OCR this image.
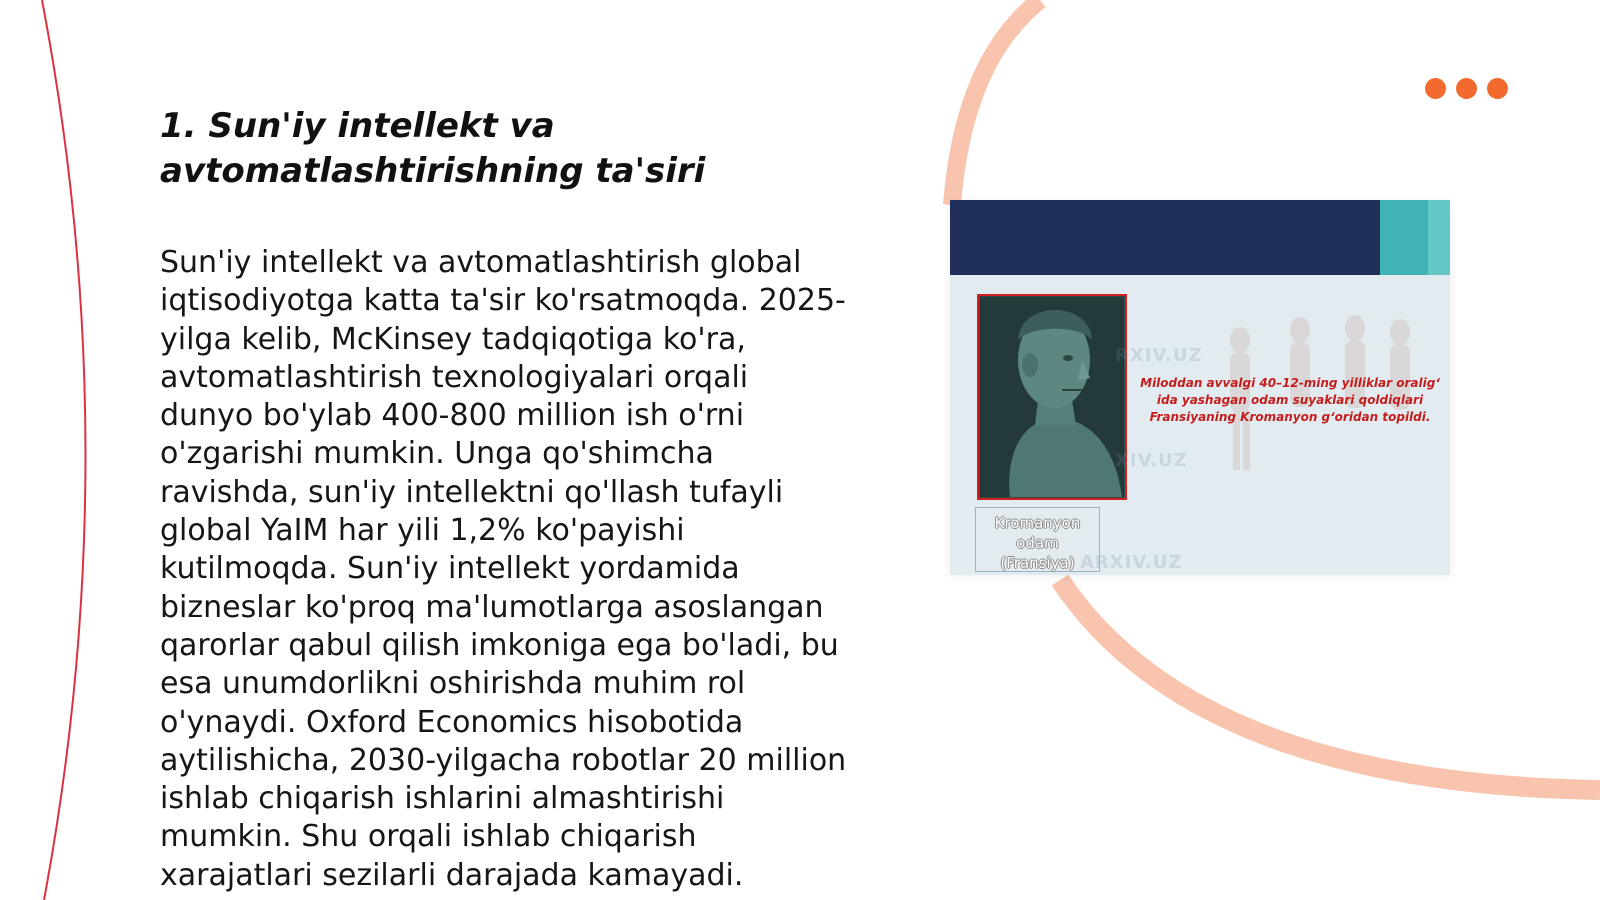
1. Sun'iy intellekt va
avtomatlashtirishning ta'siri

Sun'iy intellekt va avtomatlashtirish global iqtisodiyotga katta ta'sir ko'rsatmoqda. 2025-yilga kelib, McKinsey tadqiqotiga ko'ra, avtomatlashtirish texnologiyalari orqali dunyo bo'ylab 400-800 million ish o'rni o'zgarishi mumkin. Unga qo'shimcha ravishda, sun'iy intellektni qo'llash tufayli global YaIM har yili 1,2% ko'payishi kutilmoqda. Sun'iy intellekt yordamida bizneslar ko'proq ma'lumotlarga asoslangan qarorlar qabul qilish imkoniga ega bo'ladi, bu esa unumdorlikni oshirishda muhim rol o'ynaydi. Oxford Economics hisobotida aytilishicha, 2030-yilgacha robotlar 20 million ishlab chiqarish ishlarini almashtirishi mumkin. Shu orqali ishlab chiqarish xarajatlari sezilarli darajada kamayadi.

RXIV.UZ
XIV.UZ
ARXIV.UZ

Miloddan avvalgi 40–12-ming yilliklar oraligʻ
ida yashagan odam suyaklari qoldiqlari
Fransiyaning Kromanyon gʻoridan topildi.

Kromanyon
odam
(Fransiya)
